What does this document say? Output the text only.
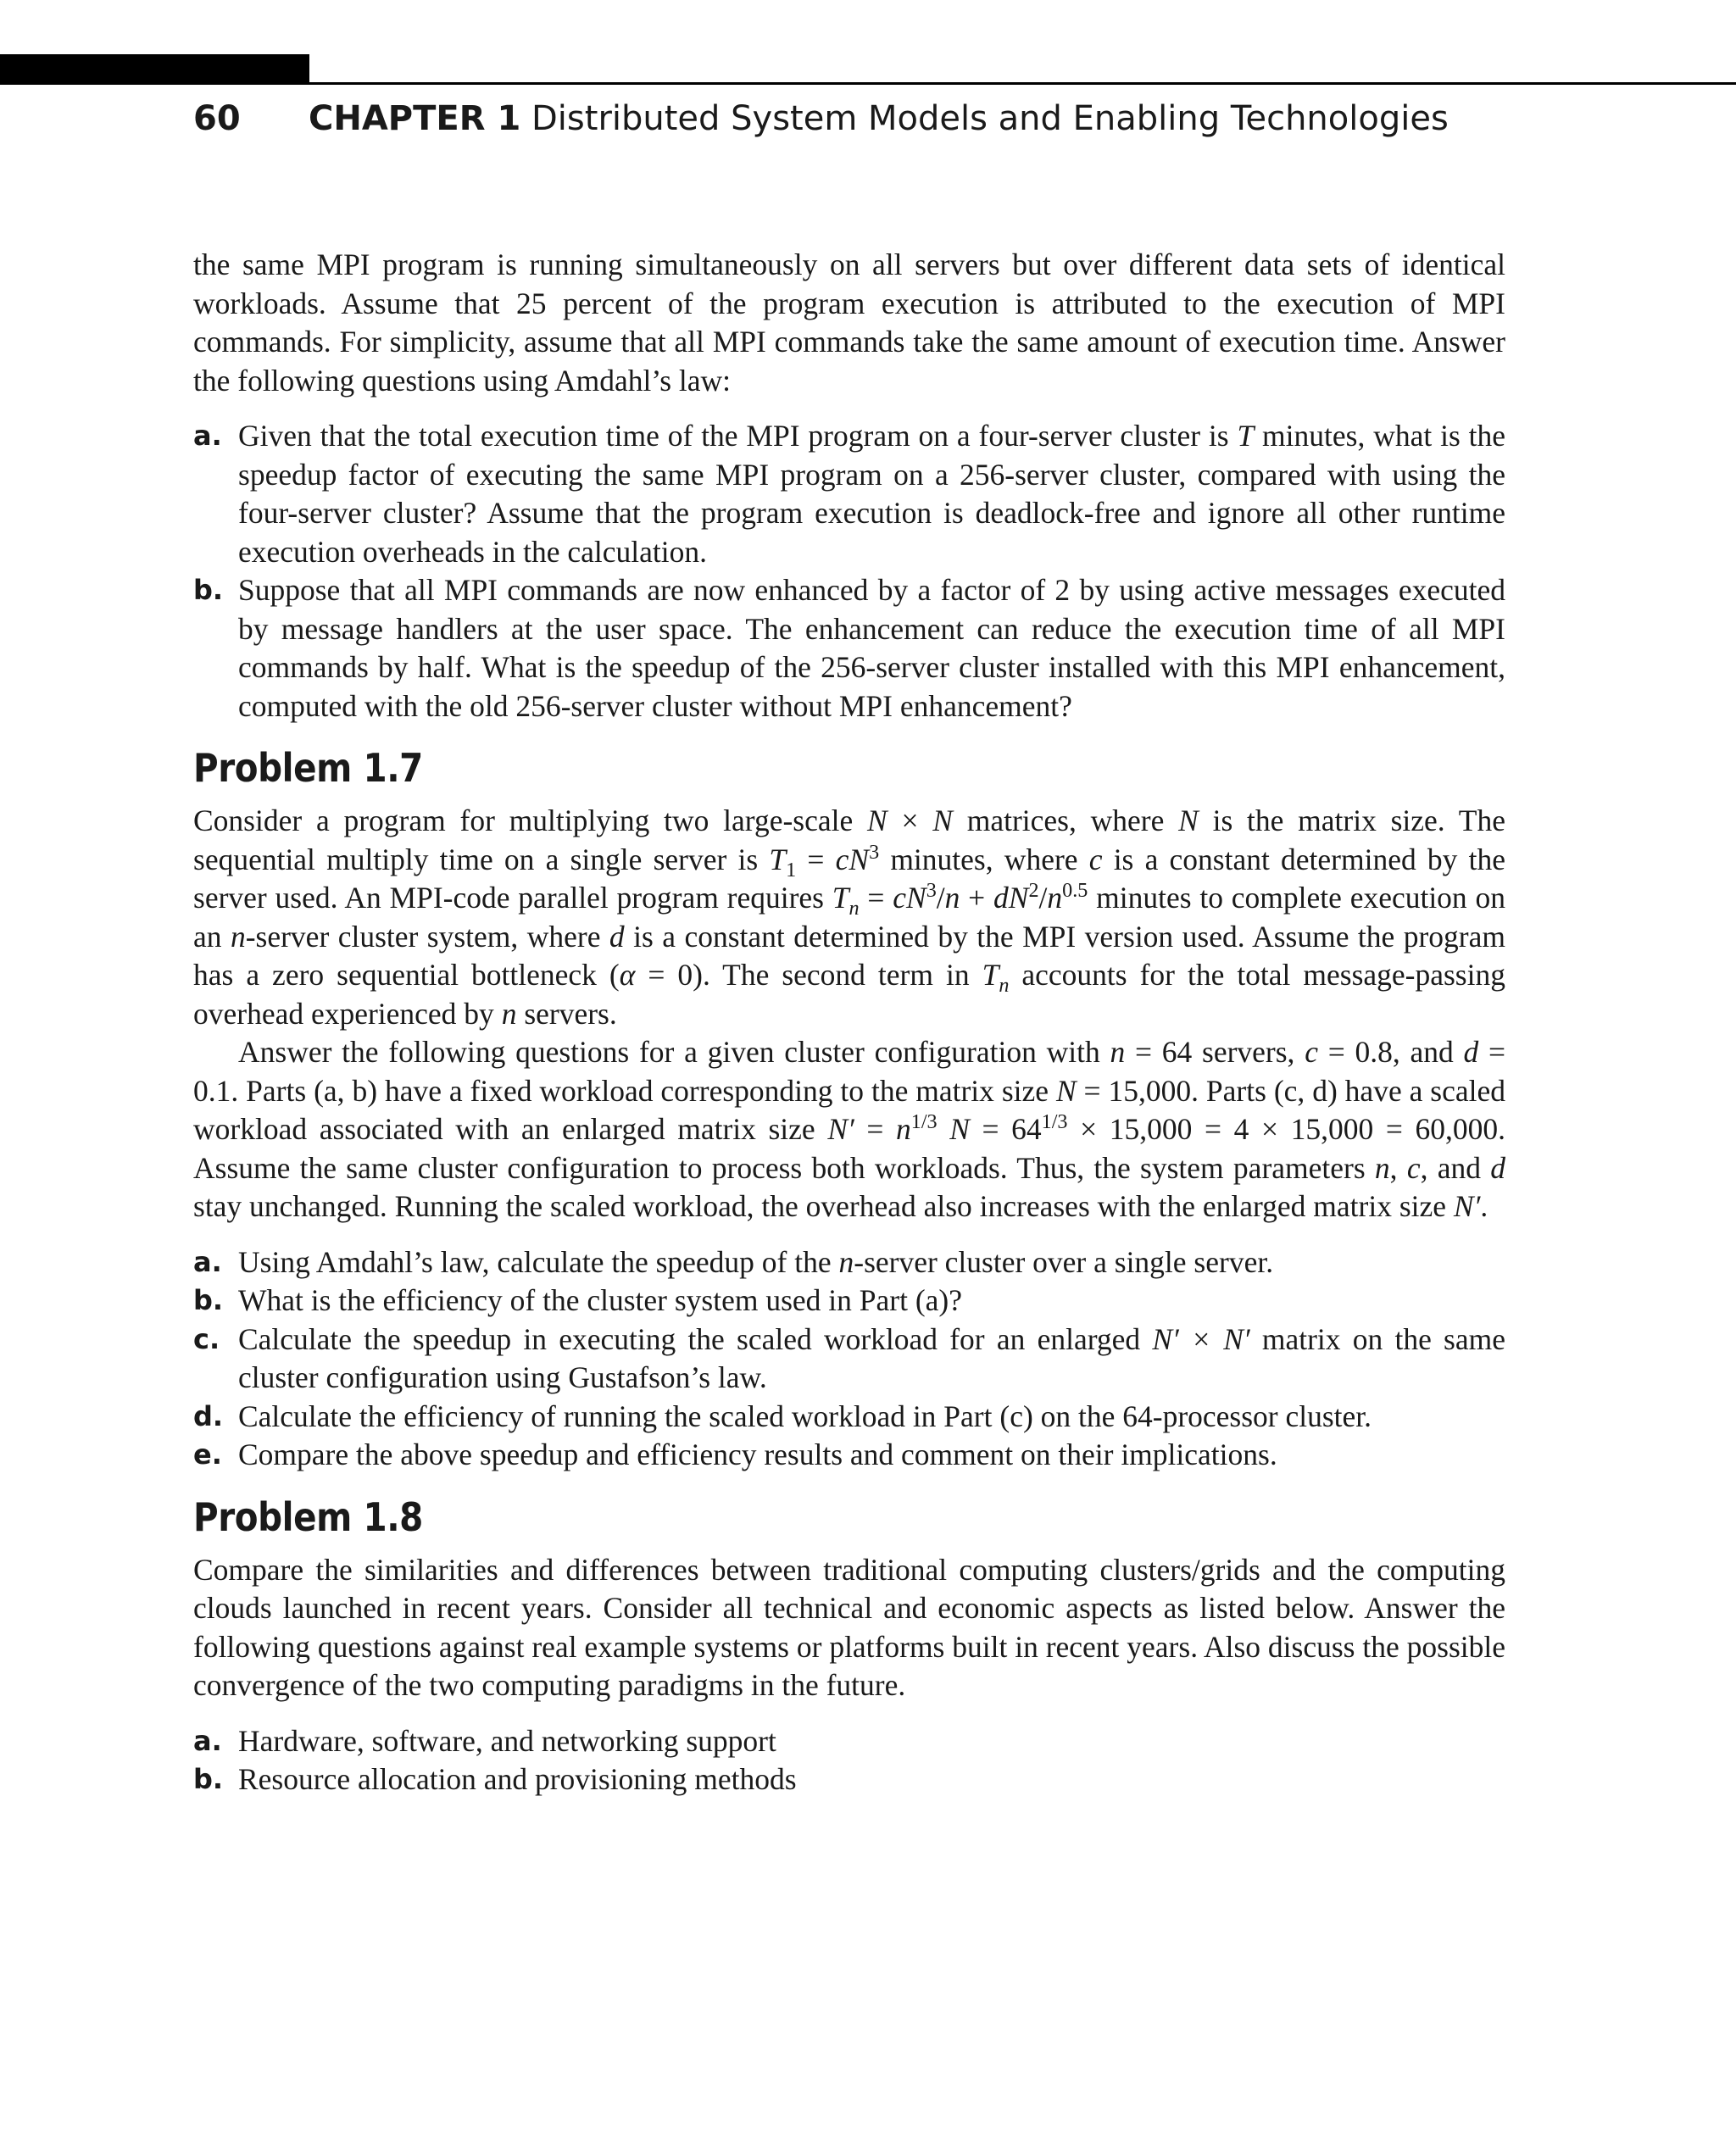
60 CHAPTER 1 Distributed System Models and Enabling Technologies

the same MPI program is running simultaneously on all servers but over different data sets of identical workloads. Assume that 25 percent of the program execution is attributed to the execution of MPI commands. For simplicity, assume that all MPI commands take the same amount of execution time. Answer the following questions using Amdahl’s law:

a. Given that the total execution time of the MPI program on a four-server cluster is T minutes, what is the speedup factor of executing the same MPI program on a 256-server cluster, compared with using the four-server cluster? Assume that the program execution is deadlock-free and ignore all other runtime execution overheads in the calculation.
b. Suppose that all MPI commands are now enhanced by a factor of 2 by using active messages executed by message handlers at the user space. The enhancement can reduce the execution time of all MPI commands by half. What is the speedup of the 256-server cluster installed with this MPI enhancement, computed with the old 256-server cluster without MPI enhancement?
Problem 1.7

Consider a program for multiplying two large-scale N × N matrices, where N is the matrix size. The sequential multiply time on a single server is $T_1 = cN^3$ minutes, where c is a constant determined by the server used. An MPI-code parallel program requires $T_n = cN^3/n + dN^2/n^{0.5}$ minutes to complete execution on an n-server cluster system, where d is a constant determined by the MPI version used. Assume the program has a zero sequential bottleneck (α = 0). The second term in $T_n$ accounts for the total message-passing overhead experienced by n servers.

Answer the following questions for a given cluster configuration with n = 64 servers, c = 0.8, and d = 0.1. Parts (a, b) have a fixed workload corresponding to the matrix size N = 15,000. Parts (c, d) have a scaled workload associated with an enlarged matrix size $N' = n^{1/3}$ $N = 64^{1/3} \times 15,000 = 4 \times 15,000 = 60,000$. Assume the same cluster configuration to process both workloads. Thus, the system parameters n, c, and d stay unchanged. Running the scaled workload, the overhead also increases with the enlarged matrix size N′.

a. Using Amdahl’s law, calculate the speedup of the n-server cluster over a single server.
b. What is the efficiency of the cluster system used in Part (a)?
c. Calculate the speedup in executing the scaled workload for an enlarged N′ × N′ matrix on the same cluster configuration using Gustafson’s law.
d. Calculate the efficiency of running the scaled workload in Part (c) on the 64-processor cluster.
e. Compare the above speedup and efficiency results and comment on their implications.
Problem 1.8

Compare the similarities and differences between traditional computing clusters/grids and the computing clouds launched in recent years. Consider all technical and economic aspects as listed below. Answer the following questions against real example systems or platforms built in recent years. Also discuss the possible convergence of the two computing paradigms in the future.

a. Hardware, software, and networking support
b. Resource allocation and provisioning methods
